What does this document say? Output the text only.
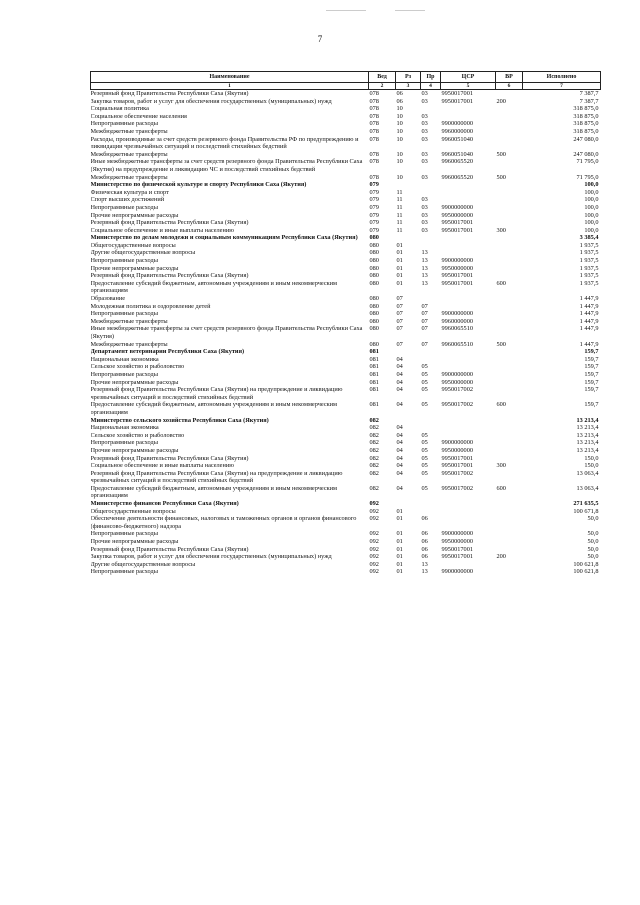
7
Наименование	Вед	Рз	Пр	ЦСР	ВР	Исполнено
1	2	3	4	5	6	7
Резервный фонд Правительства Республики Саха (Якутия)	078	06	03	9950017001		7 387,7
Закупка товаров, работ и услуг для обеспечения государственных (муниципальных) нужд	078	06	03	9950017001	200	7 387,7
Социальная политика	078	10				318 875,0
Социальное обеспечение населения	078	10	03			318 875,0
Непрограммные расходы	078	10	03	9900000000		318 875,0
Межбюджетные трансферты	078	10	03	9960000000		318 875,0
Расходы, производимые за счет средств резервного фонда Правительства РФ по предупреждению и ликвидации чрезвычайных ситуаций и последствий стихийных бедствий	078	10	03	9960051040		247 080,0
Межбюджетные трансферты	078	10	03	9960051040	500	247 080,0
Иные межбюджетные трансферты за счет средств резервного фонда Правительства Республики Саха (Якутия) на предупреждение и ликвидацию ЧС и последствий стихийных бедствий	078	10	03	9960065520		71 795,0
Межбюджетные трансферты	078	10	03	9960065520	500	71 795,0
Министерство по физической культуре и спорту Республики Саха (Якутия)	079					100,0
Физическая культура и спорт	079	11				100,0
Спорт высших достижений	079	11	03			100,0
Непрограммные расходы	079	11	03	9900000000		100,0
Прочие непрограммные расходы	079	11	03	9950000000		100,0
Резервный фонд Правительства Республики Саха (Якутия)	079	11	03	9950017001		100,0
Социальное обеспечение и иные выплаты населению	079	11	03	9950017001	300	100,0
Министерство по делам молодежи и социальным коммуникациям Республики Саха (Якутия)	080					3 385,4
Общегосударственные вопросы	080	01				1 937,5
Другие общегосударственные вопросы	080	01	13			1 937,5
Непрограммные расходы	080	01	13	9900000000		1 937,5
Прочие непрограммные расходы	080	01	13	9950000000		1 937,5
Резервный фонд Правительства Республики Саха (Якутия)	080	01	13	9950017001		1 937,5
Предоставление субсидий бюджетным, автономным учреждениям и иным некоммерческим организациям	080	01	13	9950017001	600	1 937,5
Образование	080	07				1 447,9
Молодежная политика и оздоровление детей	080	07	07			1 447,9
Непрограммные расходы	080	07	07	9900000000		1 447,9
Межбюджетные трансферты	080	07	07	9960000000		1 447,9
Иные межбюджетные трансферты за счет средств резервного фонда Правительства Республики Саха (Якутия)	080	07	07	9960065510		1 447,9
Межбюджетные трансферты	080	07	07	9960065510	500	1 447,9
Департамент ветеринарии Республики Саха (Якутия)	081					159,7
Национальная экономика	081	04				159,7
Сельское хозяйство и рыболовство	081	04	05			159,7
Непрограммные расходы	081	04	05	9900000000		159,7
Прочие непрограммные расходы	081	04	05	9950000000		159,7
Резервный фонд Правительства Республики Саха (Якутия) на предупреждение и ликвидацию чрезвычайных ситуаций и последствий стихийных бедствий	081	04	05	9950017002		159,7
Предоставление субсидий бюджетным, автономным учреждениям и иным некоммерческим организациям	081	04	05	9950017002	600	159,7
Министерство сельского хозяйства Республики Саха (Якутия)	082					13 213,4
Национальная экономика	082	04				13 213,4
Сельское хозяйство и рыболовство	082	04	05			13 213,4
Непрограммные расходы	082	04	05	9900000000		13 213,4
Прочие непрограммные расходы	082	04	05	9950000000		13 213,4
Резервный фонд Правительства Республики Саха (Якутия)	082	04	05	9950017001		150,0
Социальное обеспечение и иные выплаты населению	082	04	05	9950017001	300	150,0
Резервный фонд Правительства Республики Саха (Якутия) на предупреждение и ликвидацию чрезвычайных ситуаций и последствий стихийных бедствий	082	04	05	9950017002		13 063,4
Предоставление субсидий бюджетным, автономным учреждениям и иным некоммерческим организациям	082	04	05	9950017002	600	13 063,4
Министерство финансов Республики Саха (Якутия)	092					271 635,5
Общегосударственные вопросы	092	01				100 671,8
Обеспечение деятельности финансовых, налоговых и таможенных органов и органов финансового (финансово-бюджетного) надзора	092	01	06			50,0
Непрограммные расходы	092	01	06	9900000000		50,0
Прочие непрограммные расходы	092	01	06	9950000000		50,0
Резервный фонд Правительства Республики Саха (Якутия)	092	01	06	9950017001		50,0
Закупка товаров, работ и услуг для обеспечения государственных (муниципальных) нужд	092	01	06	9950017001	200	50,0
Другие общегосударственные вопросы	092	01	13			100 621,8
Непрограммные расходы	092	01	13	9900000000		100 621,8
